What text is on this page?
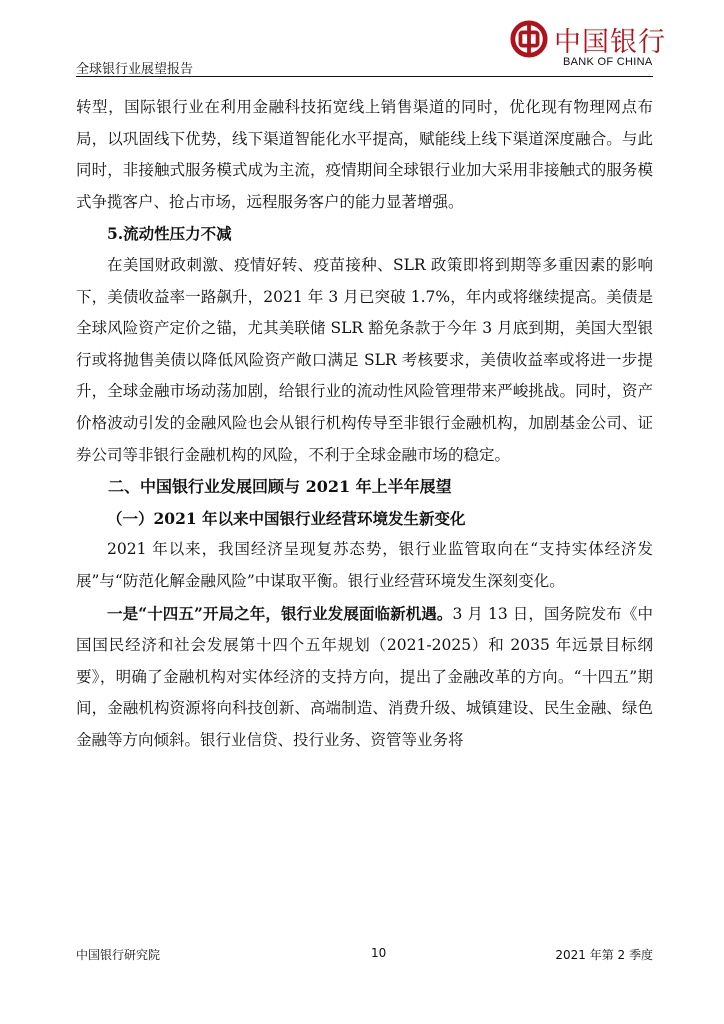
全球银行业展望报告
中国银行
BANK OF CHINA

转型，国际银行业在利用金融科技拓宽线上销售渠道的同时，优化现有物理网点布局，以巩固线下优势，线下渠道智能化水平提高，赋能线上线下渠道深度融合。与此同时，非接触式服务模式成为主流，疫情期间全球银行业加大采用非接触式的服务模式争揽客户、抢占市场，远程服务客户的能力显著增强。

5.流动性压力不减

在美国财政刺激、疫情好转、疫苗接种、SLR 政策即将到期等多重因素的影响下，美债收益率一路飙升，2021 年 3 月已突破 1.7%，年内或将继续提高。美债是全球风险资产定价之锚，尤其美联储 SLR 豁免条款于今年 3 月底到期，美国大型银行或将抛售美债以降低风险资产敞口满足 SLR 考核要求，美债收益率或将进一步提升，全球金融市场动荡加剧，给银行业的流动性风险管理带来严峻挑战。同时，资产价格波动引发的金融风险也会从银行机构传导至非银行金融机构，加剧基金公司、证券公司等非银行金融机构的风险，不利于全球金融市场的稳定。

二、中国银行业发展回顾与 2021 年上半年展望

（一）2021 年以来中国银行业经营环境发生新变化

2021 年以来，我国经济呈现复苏态势，银行业监管取向在“支持实体经济发展”与“防范化解金融风险”中谋取平衡。银行业经营环境发生深刻变化。

一是“十四五”开局之年，银行业发展面临新机遇。3 月 13 日，国务院发布《中国国民经济和社会发展第十四个五年规划（2021-2025）和 2035 年远景目标纲要》，明确了金融机构对实体经济的支持方向，提出了金融改革的方向。“十四五”期间，金融机构资源将向科技创新、高端制造、消费升级、城镇建设、民生金融、绿色金融等方向倾斜。银行业信贷、投行业务、资管等业务将

中国银行研究院	10	2021 年第 2 季度
